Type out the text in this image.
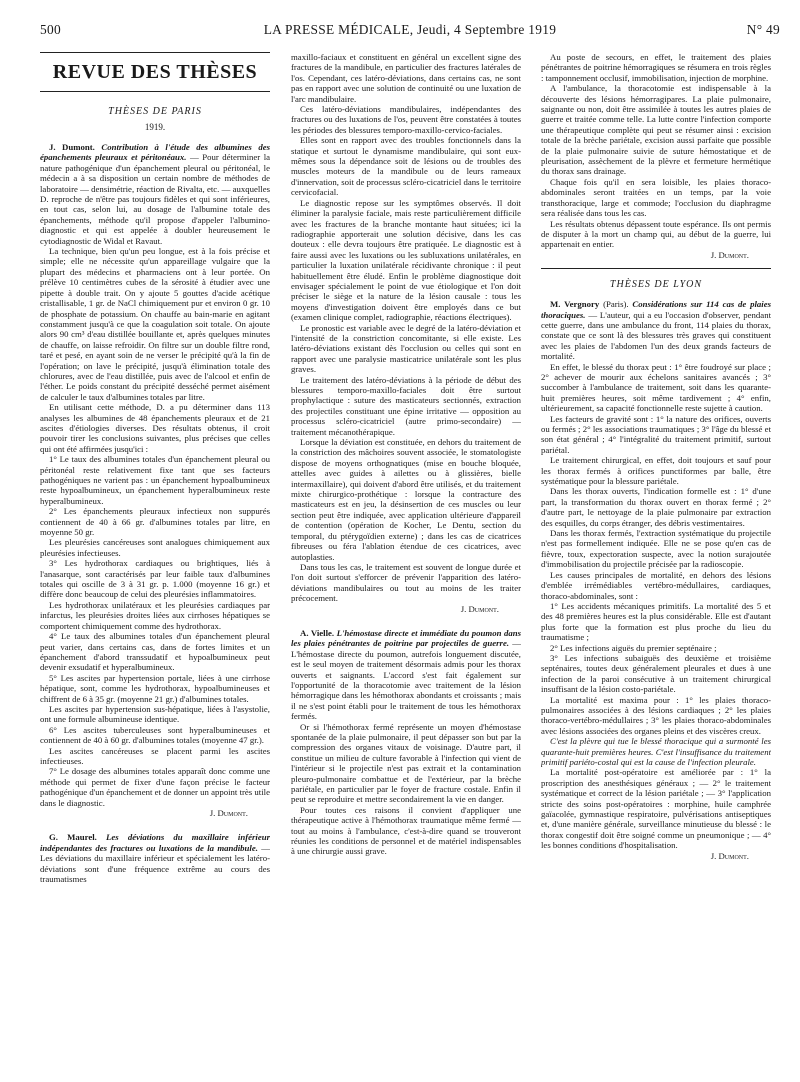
500	LA PRESSE MÉDICALE, Jeudi, 4 Septembre 1919	N° 49
REVUE DES THÈSES
THÈSES DE PARIS
1919.

J. Dumont. Contribution à l'étude des albumines des épanchements pleuraux et péritonéaux. — Pour déterminer la nature pathogénique d'un épanchement pleural ou péritonéal, le médecin a à sa disposition un certain nombre de méthodes de laboratoire — densimétrie, réaction de Rivalta, etc. — auxquelles D. reproche de n'être pas toujours fidèles et qui sont inférieures, en tout cas, selon lui, au dosage de l'albumine totale des épanchements, méthode qu'il propose d'appeler l'albumino-diagnostic et qui est appelée à doubler heureusement le cytodiagnostic de Widal et Ravaut.

La technique, bien qu'un peu longue, est à la fois précise et simple; elle ne nécessite qu'un appareillage vulgaire que la plupart des médecins et pharmaciens ont à leur portée. On prélève 10 centimètres cubes de la sérosité à étudier avec une pipette à double trait. On y ajoute 5 gouttes d'acide acétique cristallisable, 1 gr. de NaCl chimiquement pur et environ 0 gr. 10 de phosphate de potassium. On chauffe au bain-marie en agitant constamment jusqu'à ce que la coagulation soit totale. On ajoute alors 90 cm³ d'eau distillée bouillante et, après quelques minutes de chauffe, on laisse refroidir. On filtre sur un double filtre rond, taré et pesé, en ayant soin de ne verser le précipité qu'à la fin de l'opération; on lave le précipité, jusqu'à élimination totale des chlorures, avec de l'eau distillée, puis avec de l'alcool et enfin de l'éther. Le poids constant du précipité desséché permet aisément de calculer le taux d'albumines totales par litre.

En utilisant cette méthode, D. a pu déterminer dans 113 analyses les albumines de 48 épanchements pleuraux et de 21 ascites d'étiologies diverses. Des résultats obtenus, il croit pouvoir tirer les conclusions suivantes, plus précises que celles qui ont été affirmées jusqu'ici :

1° Le taux des albumines totales d'un épanchement pleural ou péritonéal reste relativement fixe tant que ses facteurs pathogéniques ne varient pas : un épanchement hypoalbumineux reste hypoalbumineux, un épanchement hyperalbumineux reste hyperalbumineux.

2° Les épanchements pleuraux infectieux non suppurés contiennent de 40 à 66 gr. d'albumines totales par litre, en moyenne 50 gr.

Les pleurésies cancéreuses sont analogues chimiquement aux pleurésies infectieuses.

3° Les hydrothorax cardiaques ou brightiques, liés à l'anasarque, sont caractérisés par leur faible taux d'albumines totales qui oscille de 3 à 31 gr. p. 1.000 (moyenne 16 gr.) et diffère donc beaucoup de celui des pleurésies inflammatoires.

Les hydrothorax unilatéraux et les pleurésies cardiaques par infarctus, les pleurésies droites liées aux cirrhoses hépatiques se comportent chimiquement comme des hydrothorax.

4° Le taux des albumines totales d'un épanchement pleural peut varier, dans certains cas, dans de fortes limites et un épanchement d'abord transsudatif et hypoalbumineux peut devenir exsudatif et hyperalbumineux.

5° Les ascites par hypertension portale, liées à une cirrhose hépatique, sont, comme les hydrothorax, hypoalbumineuses et chiffrent de 6 à 35 gr. (moyenne 21 gr.) d'albumines totales.

Les ascites par hypertension sus-hépatique, liées à l'asystolie, ont une formule albumineuse identique.

6° Les ascites tuberculeuses sont hyperalbumineuses et contiennent de 40 à 60 gr. d'albumines totales (moyenne 47 gr.).

Les ascites cancéreuses se placent parmi les ascites infectieuses.

7° Le dosage des albumines totales apparaît donc comme une méthode qui permet de fixer d'une façon précise le facteur pathogénique d'un épanchement et de donner un appoint très utile dans le diagnostic.

J. Dumont.

G. Maurel. Les déviations du maxillaire inférieur indépendantes des fractures ou luxations de la mandibule. — Les déviations du maxillaire inférieur et spécialement les latéro-déviations sont d'une fréquence extrême au cours des traumatismes

maxillo-faciaux et constituent en général un excellent signe des fractures de la mandibule, en particulier des fractures latérales de l'os. Cependant, ces latéro-déviations, dans certains cas, ne sont pas en rapport avec une solution de continuité ou une luxation de l'arc mandibulaire.

Ces latéro-déviations mandibulaires, indépendantes des fractures ou des luxations de l'os, peuvent être constatées à toutes les périodes des blessures temporo-maxillo-cervico-faciales.

Elles sont en rapport avec des troubles fonctionnels dans la statique et surtout le dynamisme mandibulaire, qui sont eux-mêmes sous la dépendance soit de lésions ou de troubles des muscles moteurs de la mandibule ou de leurs rameaux d'innervation, soit de processus scléro-cicatriciel dans le territoire cervicofacial.

Le diagnostic repose sur les symptômes observés. Il doit éliminer la paralysie faciale, mais reste particulièrement difficile avec les fractures de la branche montante haut situées; ici la radiographie apporterait une solution décisive, dans les cas douteux : elle devra toujours être pratiquée. Le diagnostic est à faire aussi avec les luxations ou les subluxations unilatérales, en particulier la luxation unilatérale récidivante chronique : il peut habituellement être éludé. Enfin le problème diagnostique doit envisager spécialement le point de vue étiologique et l'on doit préciser le siège et la nature de la lésion causale : tous les moyens d'investigation doivent être employés dans ce but (examen clinique complet, radiographie, réactions électriques).

Le pronostic est variable avec le degré de la latéro-déviation et l'intensité de la constriction concomitante, si elle existe. Les latéro-déviations existant dès l'occlusion ou celles qui sont en rapport avec une paralysie masticatrice unilatérale sont les plus graves.

Le traitement des latéro-déviations à la période de début des blessures temporo-maxillo-faciales doit être surtout prophylactique : suture des masticateurs sectionnés, extraction des projectiles constituant une épine irritative — opposition au processus scléro-cicatriciel (autre primo-secondaire) — traitement mécanothérapique.

Lorsque la déviation est constituée, en dehors du traitement de la constriction des mâchoires souvent associée, le stomatologiste dispose de moyens orthognatiques (mise en bouche bloquée, attelles avec guides à ailettes ou à glissières, bielle intermaxillaire), qui doivent d'abord être utilisés, et du traitement mixte chirurgico-prothétique : lorsque la contracture des masticateurs est en jeu, la désinsertion de ces muscles ou leur section peut être indiquée, avec application ultérieure d'appareil de contention (opération de Kocher, Le Dentu, section du temporal, du ptérygoïdien externe) ; dans les cas de cicatrices fibreuses ou féra l'ablation étendue de ces cicatrices, avec autoplasties.

Dans tous les cas, le traitement est souvent de longue durée et l'on doit surtout s'efforcer de prévenir l'apparition des latéro-déviations mandibulaires ou tout au moins de les traiter précocement.

J. Dumont.

A. Vielle. L'hémostase directe et immédiate du poumon dans les plaies pénétrantes de poitrine par projectiles de guerre. — L'hémostase directe du poumon, autrefois longuement discutée, est le seul moyen de traitement désormais admis pour les thorax ouverts et saignants. L'accord s'est fait également sur l'opportunité de la thoracotomie avec traitement de la lésion hémorragique dans les hémothorax abondants et croissants ; mais il ne s'est point établi pour le traitement de tous les hémothorax fermés.

Or si l'hémothorax fermé représente un moyen d'hémostase spontanée de la plaie pulmonaire, il peut dépasser son but par la compression des organes vitaux de voisinage. D'autre part, il constitue un milieu de culture favorable à l'infection qui vient de l'intérieur si le projectile n'est pas extrait et la contamination pleuro-pulmonaire combattue et de l'extérieur, par la brèche pariétale, en particulier par le foyer de fracture costale. Enfin il peut se reproduire et mettre secondairement la vie en danger.

Pour toutes ces raisons il convient d'appliquer une thérapeutique active à l'hémothorax traumatique même fermé — tout au moins à l'ambulance, c'est-à-dire quand se trouveront réunies les conditions de personnel et de matériel indispensables à une chirurgie aussi grave.

Au poste de secours, en effet, le traitement des plaies pénétrantes de poitrine hémorragiques se résumera en trois règles : tamponnement occlusif, immobilisation, injection de morphine.

A l'ambulance, la thoracotomie est indispensable à la découverte des lésions hémorragipares. La plaie pulmonaire, saignante ou non, doit être assimilée à toutes les autres plaies de guerre et traitée comme telle. La lutte contre l'infection comporte une thérapeutique complète qui peut se résumer ainsi : excision totale de la brèche pariétale, excision aussi parfaite que possible de la plaie pulmonaire suivie de suture hémostatique et de pleurisation, assèchement de la plèvre et fermeture hermétique du thorax sans drainage.

Chaque fois qu'il en sera loisible, les plaies thoraco-abdominales seront traitées en un temps, par la voie transthoracique, large et commode; l'occlusion du diaphragme sera réalisée dans tous les cas.

Les résultats obtenus dépassent toute espérance. Ils ont permis de disputer à la mort un champ qui, au début de la guerre, lui appartenait en entier.

J. Dumont.

THÈSES DE LYON

M. Vergnory (Paris). Considérations sur 114 cas de plaies thoraciques. — L'auteur, qui a eu l'occasion d'observer, pendant cette guerre, dans une ambulance du front, 114 plaies du thorax, constate que ce sont là des blessures très graves qui constituent avec les plaies de l'abdomen l'un des deux grands facteurs de mortalité.

En effet, le blessé du thorax peut : 1° être foudroyé sur place ; 2° achever de mourir aux échelons sanitaires avancés ; 3° succomber à l'ambulance de traitement, soit dans les quarante-huit premières heures, soit même tardivement ; 4° enfin, ultérieurement, sa capacité fonctionnelle reste sujette à caution.

Les facteurs de gravité sont : 1° la nature des orifices, ouverts ou fermés ; 2° les associations traumatiques ; 3° l'âge du blessé et son état général ; 4° l'intégralité du traitement primitif, surtout pariétal.

Le traitement chirurgical, en effet, doit toujours et sauf pour les thorax fermés à orifices punctiformes par balle, être systématique pour la blessure pariétale.

Dans les thorax ouverts, l'indication formelle est : 1° d'une part, la transformation du thorax ouvert en thorax fermé ; 2° d'autre part, le nettoyage de la plaie pulmonaire par extraction des esquilles, du corps étranger, des débris vestimentaires.

Dans les thorax fermés, l'extraction systématique du projectile n'est pas formellement indiquée. Elle ne se pose qu'en cas de fièvre, toux, expectoration suspecte, avec la notion surajoutée d'immobilisation du projectile précisée par la radioscopie.

Les causes principales de mortalité, en dehors des lésions d'emblée irrémédiables vertébro-médullaires, cardiaques, thoraco-abdominales, sont :

1° Les accidents mécaniques primitifs. La mortalité des 5 et des 48 premières heures est la plus considérable. Elle est d'autant plus forte que la formation est plus proche du lieu du traumatisme ;

2° Les infections aiguës du premier septénaire ;

3° Les infections subaiguës des deuxième et troisième septénaires, toutes deux généralement pleurales et dues à une infection de la paroi consécutive à un traitement chirurgical insuffisant de la lésion costo-pariétale.

La mortalité est maxima pour : 1° les plaies thoraco-pulmonaires associées à des lésions cardiaques ; 2° les plaies thoraco-vertébro-médullaires ; 3° les plaies thoraco-abdominales avec lésions associées des organes pleins et des viscères creux.

C'est la plèvre qui tue le blessé thoracique qui a surmonté les quarante-huit premières heures. C'est l'insuffisance du traitement primitif pariéto-costal qui est la cause de l'infection pleurale.

La mortalité post-opératoire est améliorée par : 1° la proscription des anesthésiques généraux ; — 2° le traitement systématique et correct de la lésion pariétale ; — 3° l'application stricte des soins post-opératoires : morphine, huile camphrée gaïacolée, gymnastique respiratoire, pulvérisations antiseptiques et, d'une manière générale, surveillance minutieuse du blessé : le thorax congestif doit être soigné comme un pneumonique ; — 4° les bonnes conditions d'hospitalisation.

J. Dumont.
